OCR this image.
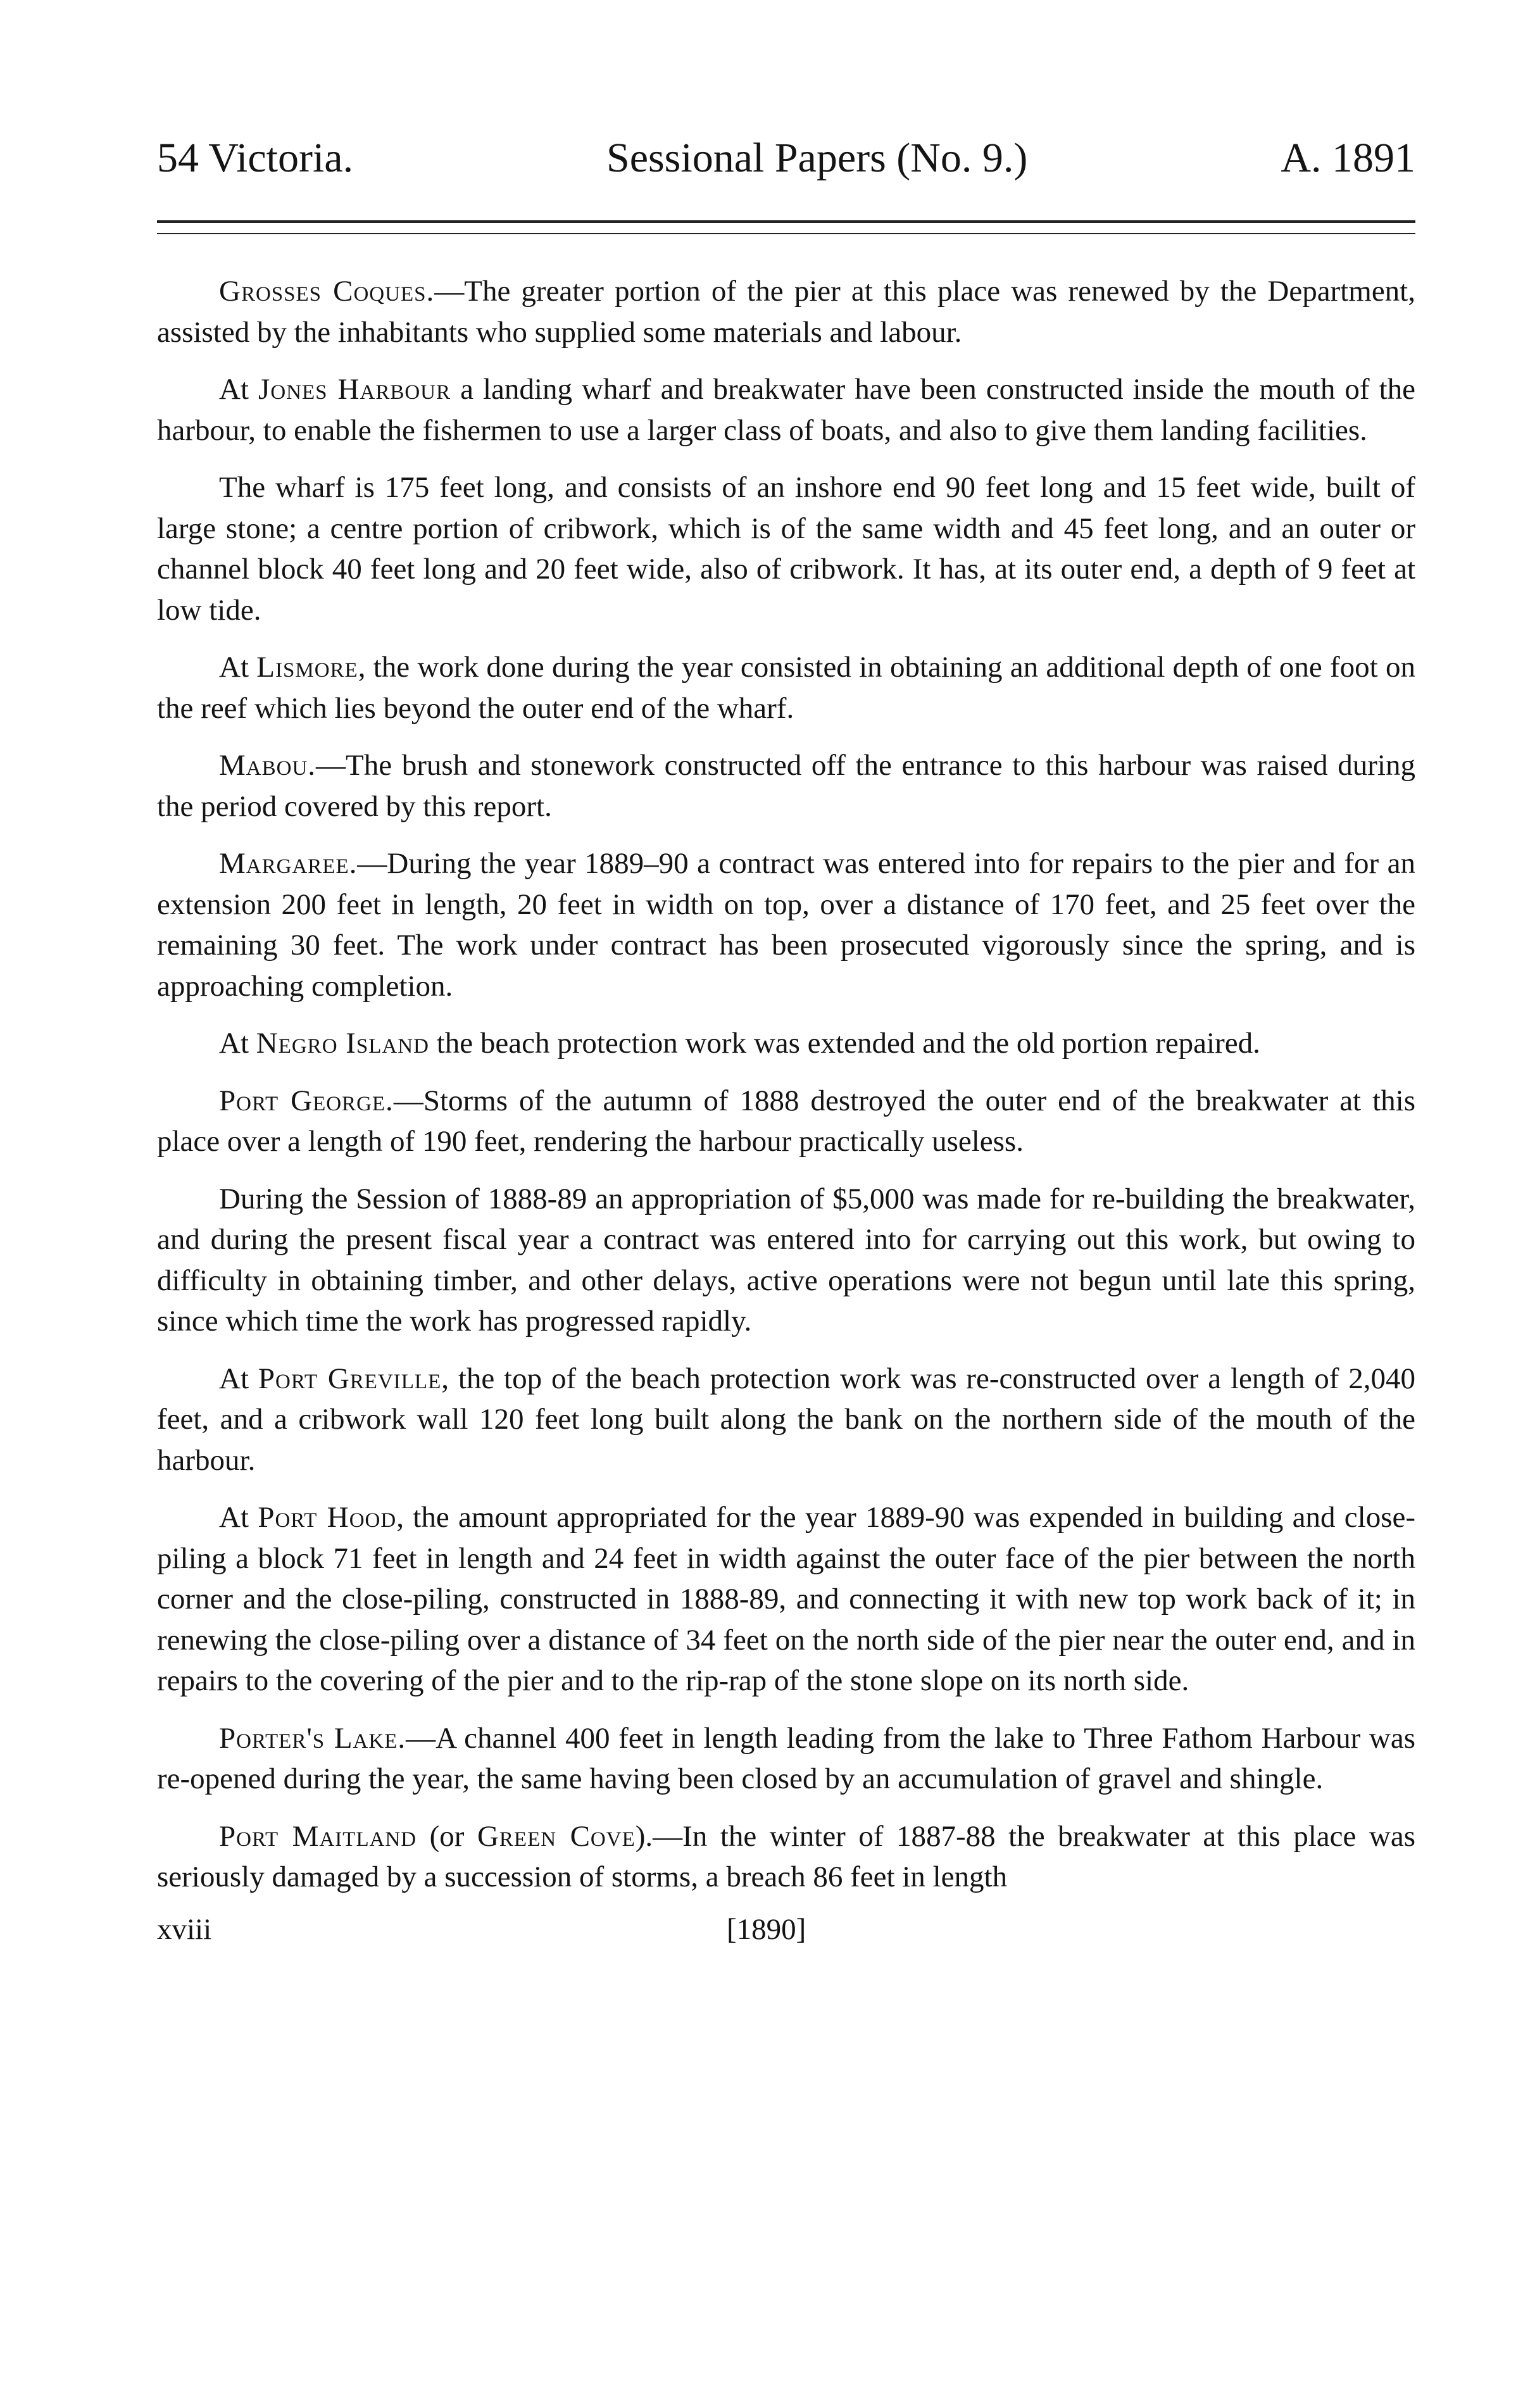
54 Victoria.	Sessional Papers (No. 9.)	A. 1891

Grosses Coques.—The greater portion of the pier at this place was renewed by the Department, assisted by the inhabitants who supplied some materials and labour.

At Jones Harbour a landing wharf and breakwater have been constructed inside the mouth of the harbour, to enable the fishermen to use a larger class of boats, and also to give them landing facilities.

The wharf is 175 feet long, and consists of an inshore end 90 feet long and 15 feet wide, built of large stone; a centre portion of cribwork, which is of the same width and 45 feet long, and an outer or channel block 40 feet long and 20 feet wide, also of cribwork. It has, at its outer end, a depth of 9 feet at low tide.

At Lismore, the work done during the year consisted in obtaining an additional depth of one foot on the reef which lies beyond the outer end of the wharf.

Mabou.—The brush and stonework constructed off the entrance to this harbour was raised during the period covered by this report.

Margaree.—During the year 1889–90 a contract was entered into for repairs to the pier and for an extension 200 feet in length, 20 feet in width on top, over a distance of 170 feet, and 25 feet over the remaining 30 feet. The work under contract has been prosecuted vigorously since the spring, and is approaching completion.

At Negro Island the beach protection work was extended and the old portion repaired.

Port George.—Storms of the autumn of 1888 destroyed the outer end of the breakwater at this place over a length of 190 feet, rendering the harbour practically useless.

During the Session of 1888-89 an appropriation of $5,000 was made for re-building the breakwater, and during the present fiscal year a contract was entered into for carrying out this work, but owing to difficulty in obtaining timber, and other delays, active operations were not begun until late this spring, since which time the work has progressed rapidly.

At Port Greville, the top of the beach protection work was re-constructed over a length of 2,040 feet, and a cribwork wall 120 feet long built along the bank on the northern side of the mouth of the harbour.

At Port Hood, the amount appropriated for the year 1889-90 was expended in building and close-piling a block 71 feet in length and 24 feet in width against the outer face of the pier between the north corner and the close-piling, constructed in 1888-89, and connecting it with new top work back of it; in renewing the close-piling over a distance of 34 feet on the north side of the pier near the outer end, and in repairs to the covering of the pier and to the rip-rap of the stone slope on its north side.

Porter's Lake.—A channel 400 feet in length leading from the lake to Three Fathom Harbour was re-opened during the year, the same having been closed by an accumulation of gravel and shingle.

Port Maitland (or Green Cove).—In the winter of 1887-88 the breakwater at this place was seriously damaged by a succession of storms, a breach 86 feet in length

xviii	[1890]
